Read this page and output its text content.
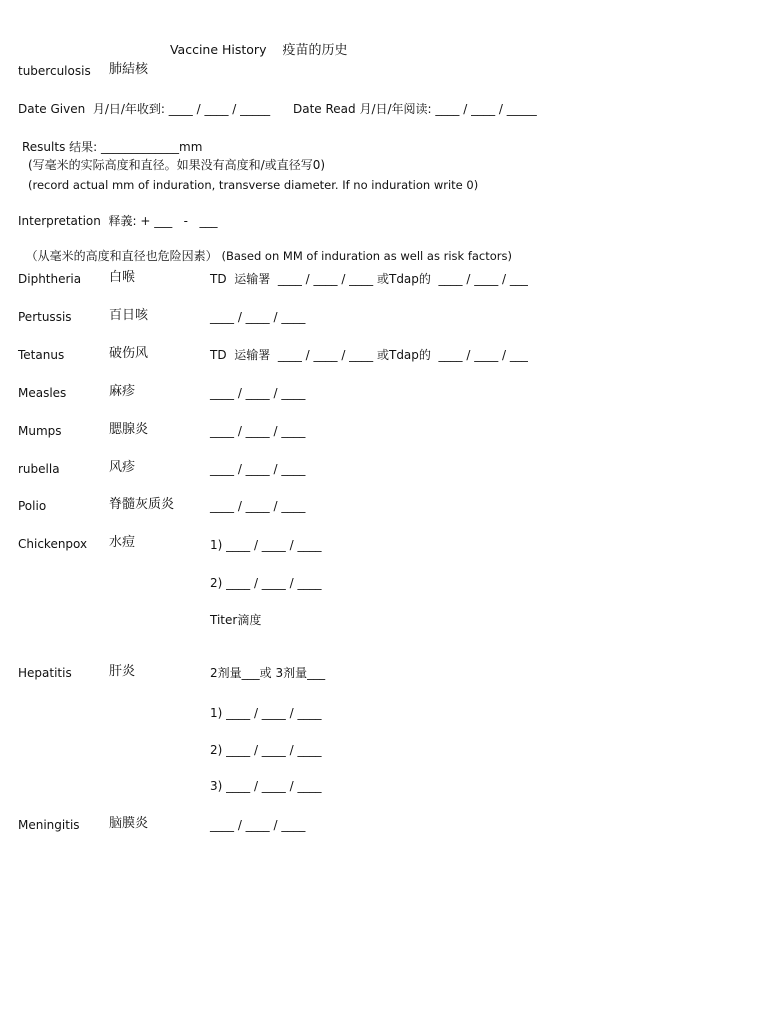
Vaccine History 疫苗的历史

tuberculosis 肺結核
Date Given  月/日/年收到: ____ / ____ / _____ Date Read 月/日/年阅读: ____ / ____ / _____
Results 结果: _____________mm
(写毫米的实际高度和直径。如果没有高度和/或直径写0)
(record actual mm of induration, transverse diameter. If no induration write 0)
Interpretation  释義: + ___   -   ___

（从毫米的高度和直径也危险因素） (Based on MM of induration as well as risk factors)

Diphtheria 白喉	TD  运输署  ____ / ____ / ____ 或Tdap的  ____ / ____ / ___
Pertussis	百日咳	____ / ____ / ____
Tetanus	破伤风	TD  运输署  ____ / ____ / ____ 或Tdap的  ____ / ____ / ___
Measles	麻疹	____ / ____ / ____
Mumps	腮腺炎	____ / ____ / ____
rubella	风疹	____ / ____ / ____
Polio	脊髓灰质炎	____ / ____ / ____
Chickenpox 水痘	1) ____ / ____ / ____
2) ____ / ____ / ____
Titer滴度
Hepatitis	肝炎	2剂量___或 3剂量___
1) ____ / ____ / ____
2) ____ / ____ / ____
3) ____ / ____ / ____
Meningitis 脑膜炎	____ / ____ / ____
